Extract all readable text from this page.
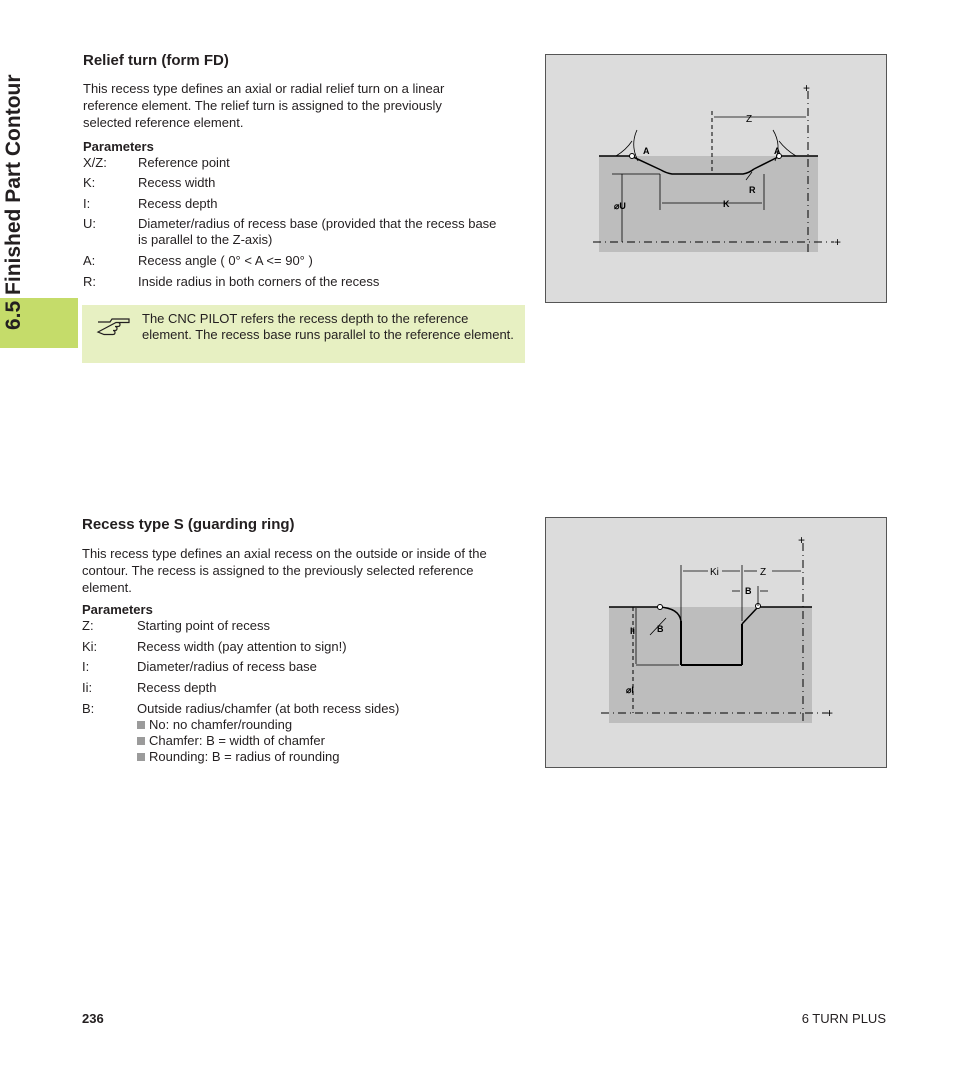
6.5 Finished Part Contour
Relief turn (form FD)

This recess type defines an axial or radial relief turn on a linear reference element. The relief turn is assigned to the previously selected reference element.

Parameters

X/Z:	Reference point
K:	Recess width
I:	Recess depth
U:	Diameter/radius of recess base (provided that the recess base is parallel to the Z-axis)
A:	Recess angle ( 0° < A <= 90° )
R:	Inside radius in both corners of the recess
The CNC PILOT refers the recess depth to the reference element. The recess base runs parallel to the reference element.
Z
A	A
R
⌀U	K
+
+
Recess type S (guarding ring)

This recess type defines an axial recess on the outside or inside of the contour. The recess is assigned to the previously selected reference element.

Parameters

Z:	Starting point of recess
Ki:	Recess width (pay attention to sign!)
I:	Diameter/radius of recess base
Ii:	Recess depth
B:	Outside radius/chamfer (at both recess sides)
No: no chamfer/rounding
Chamfer: B = width of chamfer
Rounding: B = radius of rounding
Ki	Z
B
B
Ii
⌀I
+
+
236	6 TURN PLUS
